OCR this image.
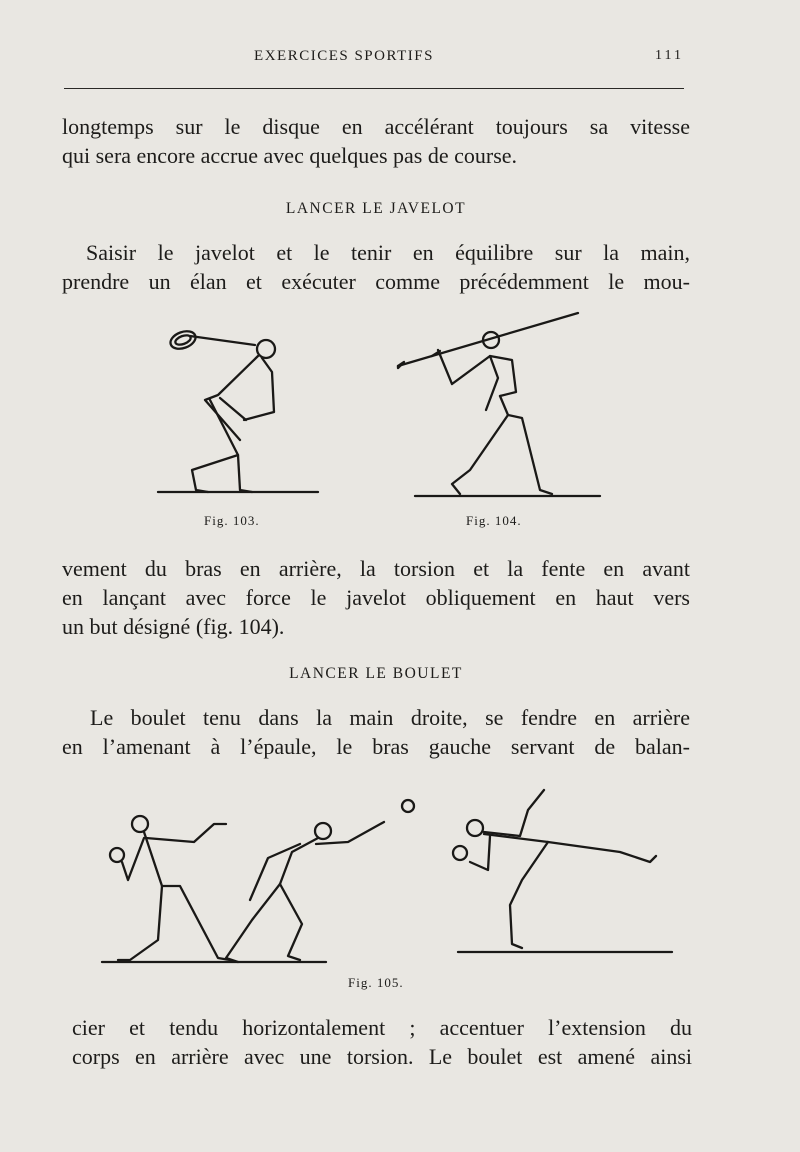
EXERCICES SPORTIFS	111
longtemps sur le disque en accélérant toujours sa vitesse
qui sera encore accrue avec quelques pas de course.
LANCER LE JAVELOT
Saisir le javelot et le tenir en équilibre sur la main,
prendre un élan et exécuter comme précédemment le mou-
Fig. 103.	Fig. 104.
vement du bras en arrière, la torsion et la fente en avant
en lançant avec force le javelot obliquement en haut vers
un but désigné (fig. 104).
LANCER LE BOULET
Le boulet tenu dans la main droite, se fendre en arrière
en l’amenant à l’épaule, le bras gauche servant de balan-
Fig. 105.
cier et tendu horizontalement ; accentuer l’extension du
corps en arrière avec une torsion. Le boulet est amené ainsi
